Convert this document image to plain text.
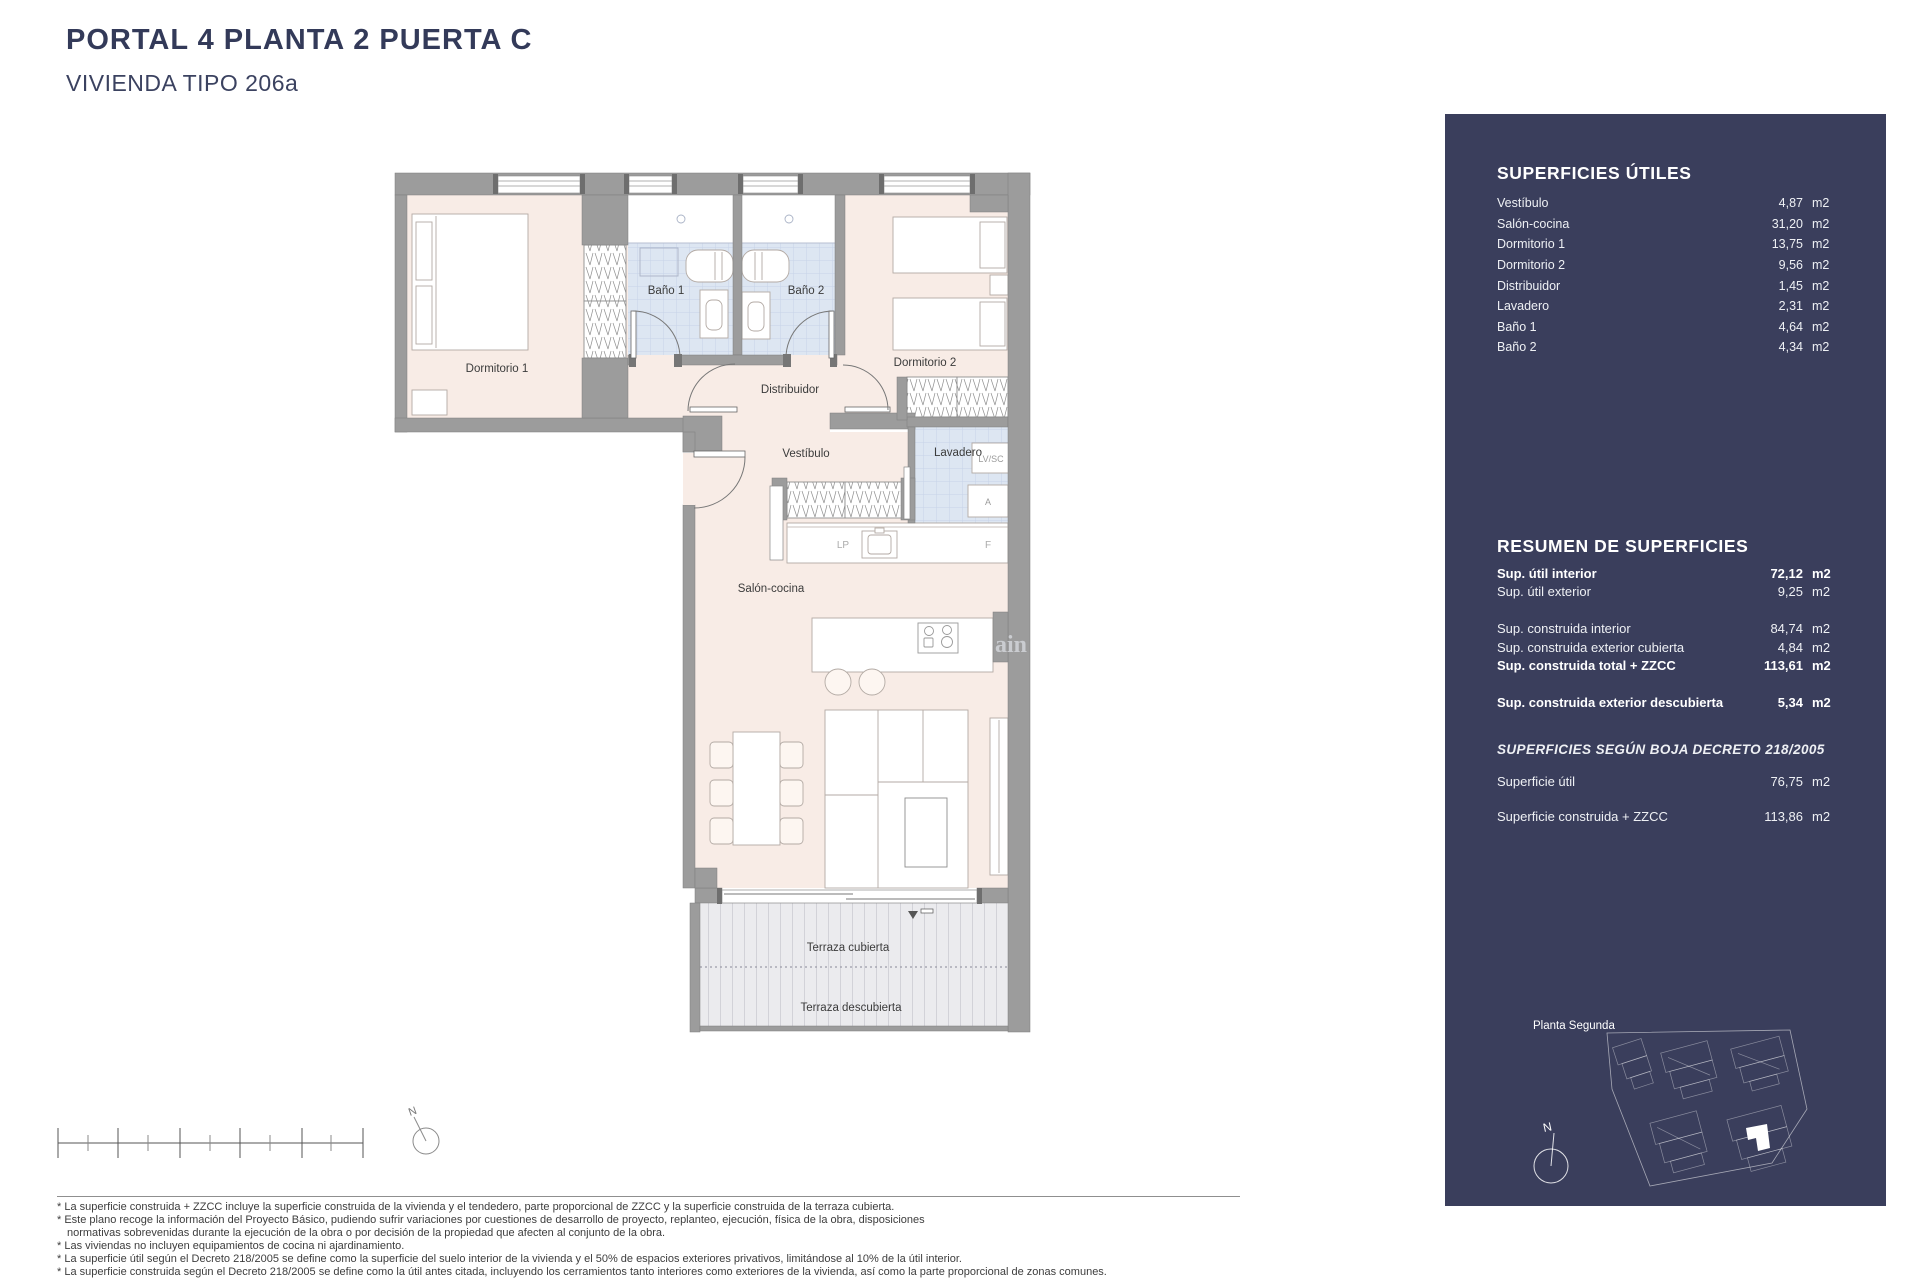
PORTAL 4 PLANTA 2 PUERTA C
VIVIENDA TIPO 206a
ain
Dormitorio 1
Baño 1	Baño 2
Dormitorio 2
Distribuidor
Vestíbulo	Lavadero
Salón-cocina
Terraza cubierta
Terraza descubierta
LV/SC
A
LP	F
N
SUPERFICIES ÚTILES
Vestíbulo	4,87 m2
Salón-cocina	31,20 m2
Dormitorio 1	13,75 m2
Dormitorio 2	9,56 m2
Distribuidor	1,45 m2
Lavadero	2,31 m2
Baño 1	4,64 m2
Baño 2	4,34 m2
RESUMEN DE SUPERFICIES
Sup. útil interior	72,12 m2
Sup. útil exterior	9,25 m2
Sup. construida interior	84,74 m2
Sup. construida exterior cubierta	4,84 m2
Sup. construida total + ZZCC	113,61 m2
Sup. construida exterior descubierta	5,34 m2
SUPERFICIES SEGÚN BOJA DECRETO 218/2005
Superficie útil	76,75 m2
Superficie construida + ZZCC	113,86 m2
Planta Segunda
N
* La superficie construida + ZZCC incluye la superficie construida de la vivienda y el tendedero, parte proporcional de ZZCC y la superficie construida de la terraza cubierta.
* Este plano recoge la información del Proyecto Básico, pudiendo sufrir variaciones por cuestiones de desarrollo de proyecto, replanteo, ejecución, física de la obra, disposiciones
normativas sobrevenidas durante la ejecución de la obra o por decisión de la propiedad que afecten al conjunto de la obra.
* Las viviendas no incluyen equipamientos de cocina ni ajardinamiento.
* La superficie útil según el Decreto 218/2005 se define como la superficie del suelo interior de la vivienda y el 50% de espacios exteriores privativos, limitándose al 10% de la útil interior.
* La superficie construida según el Decreto 218/2005 se define como la útil antes citada, incluyendo los cerramientos tanto interiores como exteriores de la vivienda, así como la parte proporcional de zonas comunes.
